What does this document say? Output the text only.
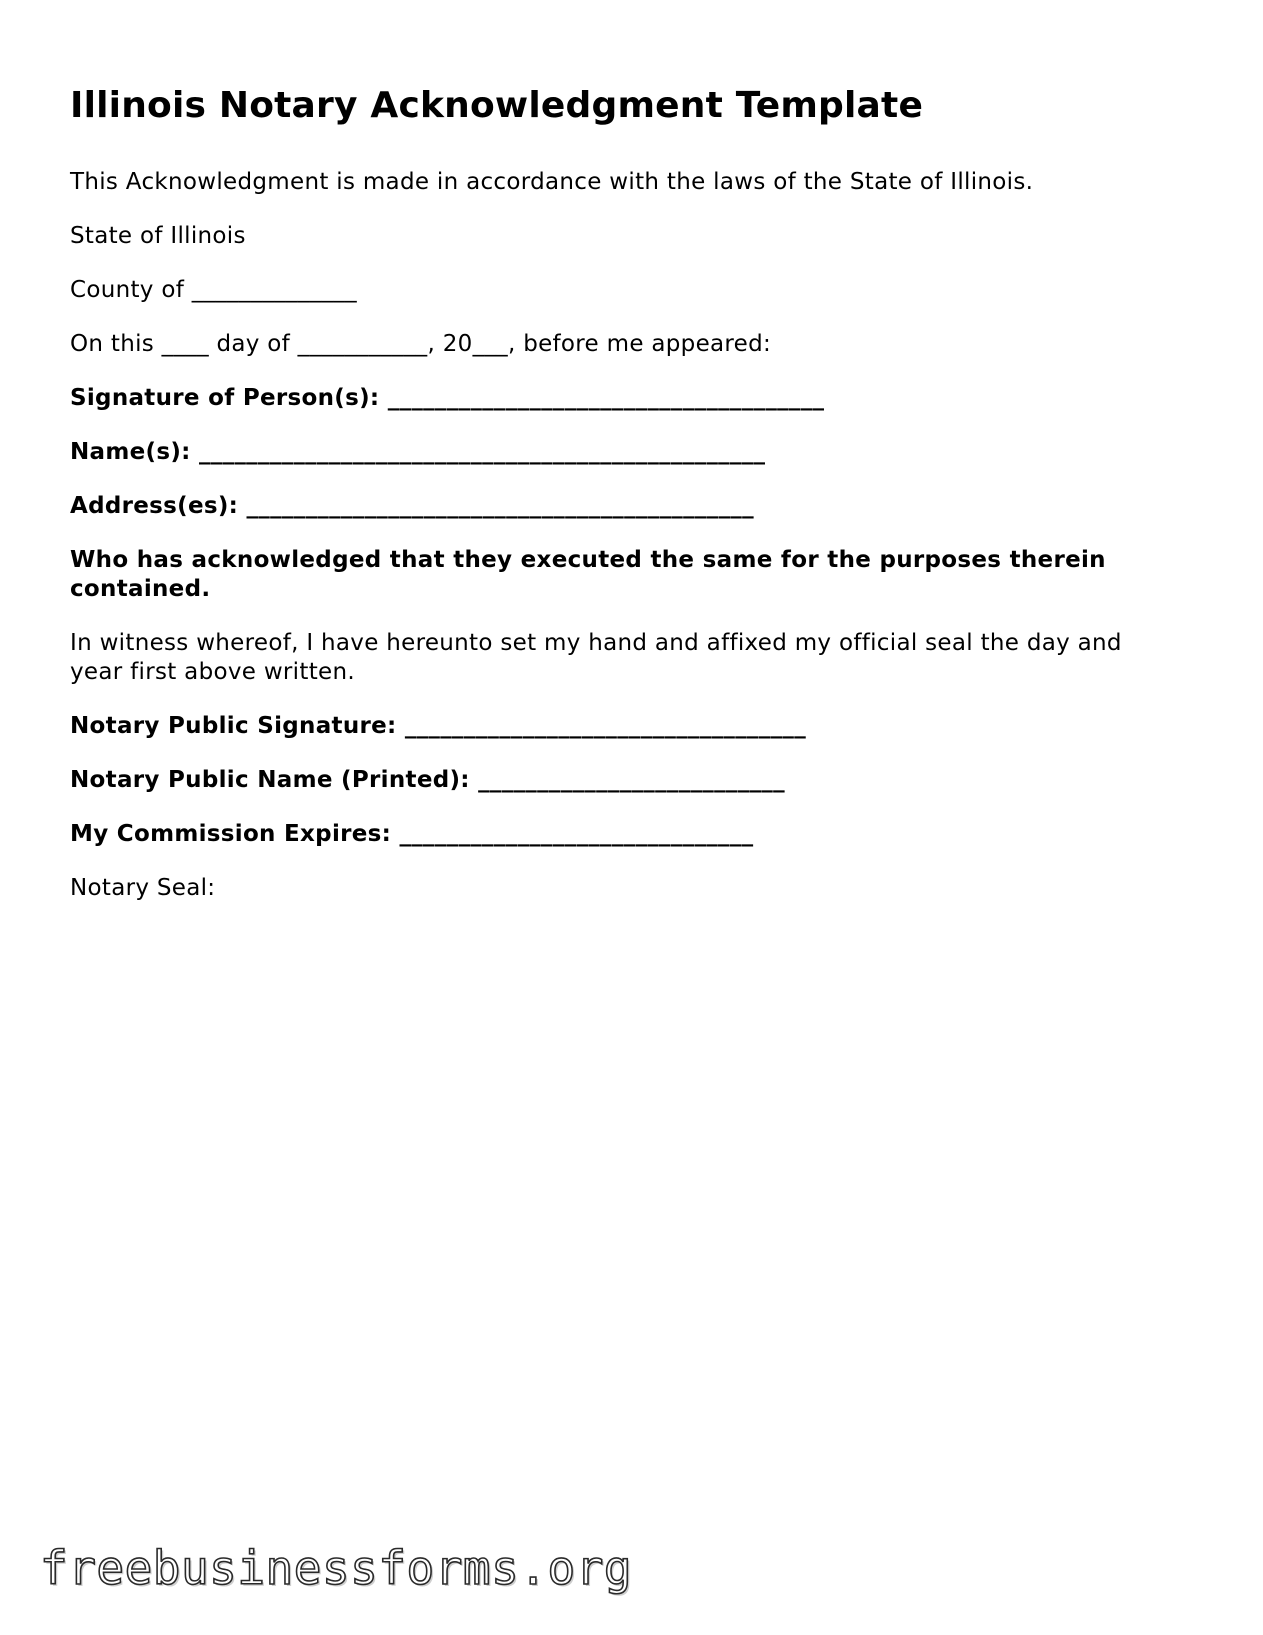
Illinois Notary Acknowledgment Template

This Acknowledgment is made in accordance with the laws of the State of Illinois.

State of Illinois

County of ______________

On this ____ day of ___________, 20___, before me appeared:

Signature of Person(s): _____________________________________

Name(s): ________________________________________________

Address(es): ___________________________________________

Who has acknowledged that they executed the same for the purposes therein contained.

In witness whereof, I have hereunto set my hand and affixed my official seal the day and year first above written.

Notary Public Signature: __________________________________

Notary Public Name (Printed): __________________________

My Commission Expires: ______________________________

Notary Seal:

freebusinessforms.org
